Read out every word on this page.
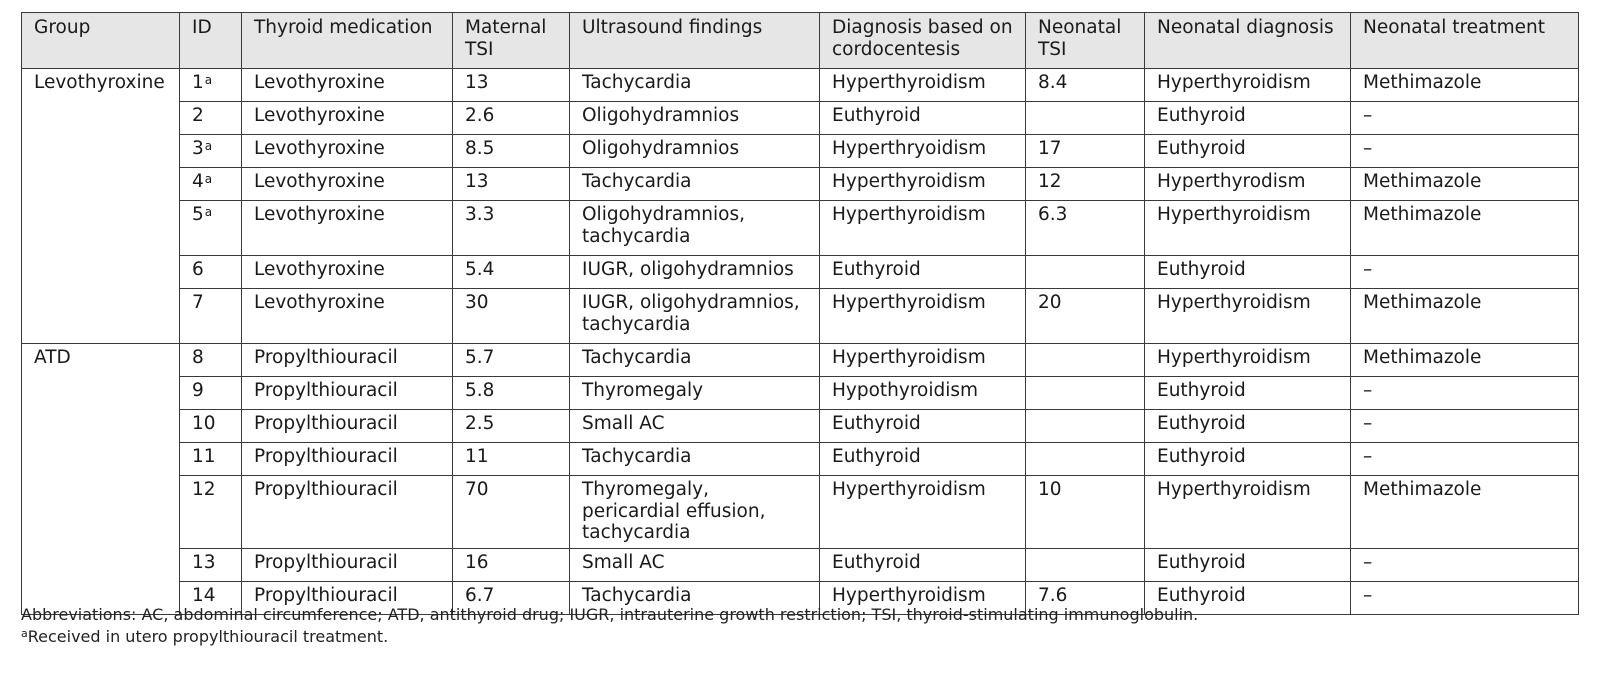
Group	ID	Thyroid medication	Maternal TSI	Ultrasound findings	Diagnosis based on cordocentesis	Neonatal TSI	Neonatal diagnosis	Neonatal treatment
Levothyroxine	1$^a$	Levothyroxine	13	Tachycardia	Hyperthyroidism	8.4	Hyperthyroidism	Methimazole
	2	Levothyroxine	2.6	Oligohydramnios	Euthyroid		Euthyroid	–
	3$^a$	Levothyroxine	8.5	Oligohydramnios	Hyperthryoidism	17	Euthyroid	–
	4$^a$	Levothyroxine	13	Tachycardia	Hyperthyroidism	12	Hyperthyrodism	Methimazole
	5$^a$	Levothyroxine	3.3	Oligohydramnios, tachycardia	Hyperthyroidism	6.3	Hyperthyroidism	Methimazole
	6	Levothyroxine	5.4	IUGR, oligohydramnios	Euthyroid		Euthyroid	–
	7	Levothyroxine	30	IUGR, oligohydramnios, tachycardia	Hyperthyroidism	20	Hyperthyroidism	Methimazole
ATD	8	Propylthiouracil	5.7	Tachycardia	Hyperthyroidism		Hyperthyroidism	Methimazole
	9	Propylthiouracil	5.8	Thyromegaly	Hypothyroidism		Euthyroid	–
	10	Propylthiouracil	2.5	Small AC	Euthyroid		Euthyroid	–
	11	Propylthiouracil	11	Tachycardia	Euthyroid		Euthyroid	–
	12	Propylthiouracil	70	Thyromegaly, pericardial effusion, tachycardia	Hyperthyroidism	10	Hyperthyroidism	Methimazole
	13	Propylthiouracil	16	Small AC	Euthyroid		Euthyroid	–
	14	Propylthiouracil	6.7	Tachycardia	Hyperthyroidism	7.6	Euthyroid	–
Abbreviations: AC, abdominal circumference; ATD, antithyroid drug; IUGR, intrauterine growth restriction; TSI, thyroid-stimulating immunoglobulin.
$^a$Received in utero propylthiouracil treatment.
